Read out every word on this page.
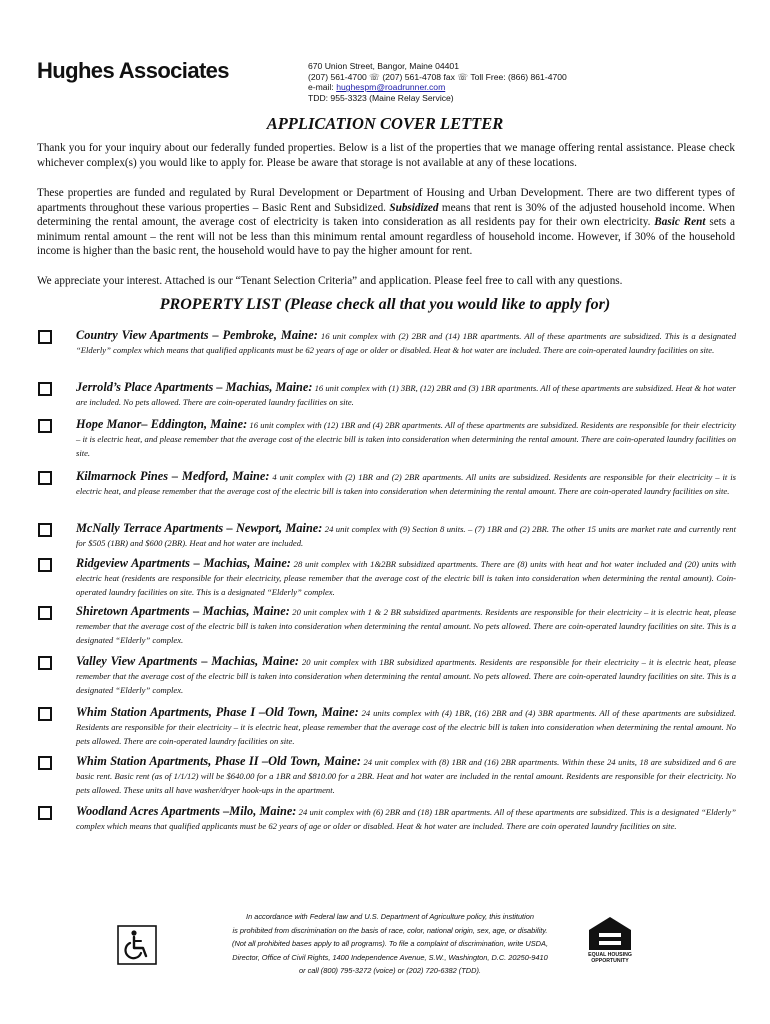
Hughes Associates	670 Union Street, Bangor, Maine 04401
(207) 561-4700 ☏ (207) 561-4708 fax ☏ Toll Free: (866) 861-4700
e-mail: hughespm@roadrunner.com
TDD: 955-3323 (Maine Relay Service)
APPLICATION COVER LETTER
Thank you for your inquiry about our federally funded properties. Below is a list of the properties that we manage offering rental assistance. Please check whichever complex(s) you would like to apply for. Please be aware that storage is not available at any of these locations.
These properties are funded and regulated by Rural Development or Department of Housing and Urban Development. There are two different types of apartments throughout these various properties – Basic Rent and Subsidized. Subsidized means that rent is 30% of the adjusted household income. When determining the rental amount, the average cost of electricity is taken into consideration as all residents pay for their own electricity. Basic Rent sets a minimum rental amount – the rent will not be less than this minimum rental amount regardless of household income. However, if 30% of the household income is higher than the basic rent, the household would have to pay the higher amount for rent.
We appreciate your interest. Attached is our “Tenant Selection Criteria” and application. Please feel free to call with any questions.
PROPERTY LIST (Please check all that you would like to apply for)
Country View Apartments – Pembroke, Maine: 16 unit complex with (2) 2BR and (14) 1BR apartments. All of these apartments are subsidized. This is a designated “Elderly” complex which means that qualified applicants must be 62 years of age or older or disabled. Heat & hot water are included. There are coin-operated laundry facilities on site.
Jerrold’s Place Apartments – Machias, Maine: 16 unit complex with (1) 3BR, (12) 2BR and (3) 1BR apartments. All of these apartments are subsidized. Heat & hot water are included. No pets allowed. There are coin-operated laundry facilities on site.
Hope Manor– Eddington, Maine: 16 unit complex with (12) 1BR and (4) 2BR apartments. All of these apartments are subsidized. Residents are responsible for their electricity – it is electric heat, and please remember that the average cost of the electric bill is taken into consideration when determining the rental amount. There are coin-operated laundry facilities on site.
Kilmarnock Pines – Medford, Maine: 4 unit complex with (2) 1BR and (2) 2BR apartments. All units are subsidized. Residents are responsible for their electricity – it is electric heat, and please remember that the average cost of the electric bill is taken into consideration when determining the rental amount. There are coin-operated laundry facilities on site.
McNally Terrace Apartments – Newport, Maine: 24 unit complex with (9) Section 8 units. – (7) 1BR and (2) 2BR. The other 15 units are market rate and currently rent for $505 (1BR) and $600 (2BR). Heat and hot water are included.
Ridgeview Apartments – Machias, Maine: 28 unit complex with 1&2BR subsidized apartments. There are (8) units with heat and hot water included and (20) units with electric heat (residents are responsible for their electricity, please remember that the average cost of the electric bill is taken into consideration when determining the rental amount). Coin-operated laundry facilities on site. This is a designated “Elderly” complex.
Shiretown Apartments – Machias, Maine: 20 unit complex with 1 & 2 BR subsidized apartments. Residents are responsible for their electricity – it is electric heat, please remember that the average cost of the electric bill is taken into consideration when determining the rental amount. No pets allowed. There are coin-operated laundry facilities on site. This is a designated “Elderly” complex.
Valley View Apartments – Machias, Maine: 20 unit complex with 1BR subsidized apartments. Residents are responsible for their electricity – it is electric heat, please remember that the average cost of the electric bill is taken into consideration when determining the rental amount. No pets allowed. There are coin-operated laundry facilities on site. This is a designated “Elderly” complex.
Whim Station Apartments, Phase I –Old Town, Maine: 24 units complex with (4) 1BR, (16) 2BR and (4) 3BR apartments. All of these apartments are subsidized. Residents are responsible for their electricity – it is electric heat, please remember that the average cost of the electric bill is taken into consideration when determining the rental amount. No pets allowed. There are coin-operated laundry facilities on site.
Whim Station Apartments, Phase II –Old Town, Maine: 24 unit complex with (8) 1BR and (16) 2BR apartments. Within these 24 units, 18 are subsidized and 6 are basic rent. Basic rent (as of 1/1/12) will be $640.00 for a 1BR and $810.00 for a 2BR. Heat and hot water are included in the rental amount. Residents are responsible for their electricity. No pets allowed. These units all have washer/dryer hook-ups in the apartment.
Woodland Acres Apartments –Milo, Maine: 24 unit complex with (6) 2BR and (18) 1BR apartments. All of these apartments are subsidized. This is a designated “Elderly” complex which means that qualified applicants must be 62 years of age or older or disabled. Heat & hot water are included. There are coin operated laundry facilities on site.
In accordance with Federal law and U.S. Department of Agriculture policy, this institution
is prohibited from discrimination on the basis of race, color, national origin, sex, age, or disability.
(Not all prohibited bases apply to all programs). To file a complaint of discrimination, write USDA,
Director, Office of Civil Rights, 1400 Independence Avenue, S.W., Washington, D.C. 20250-9410
or call (800) 795-3272 (voice) or (202) 720-6382 (TDD).
EQUAL HOUSING
OPPORTUNITY
